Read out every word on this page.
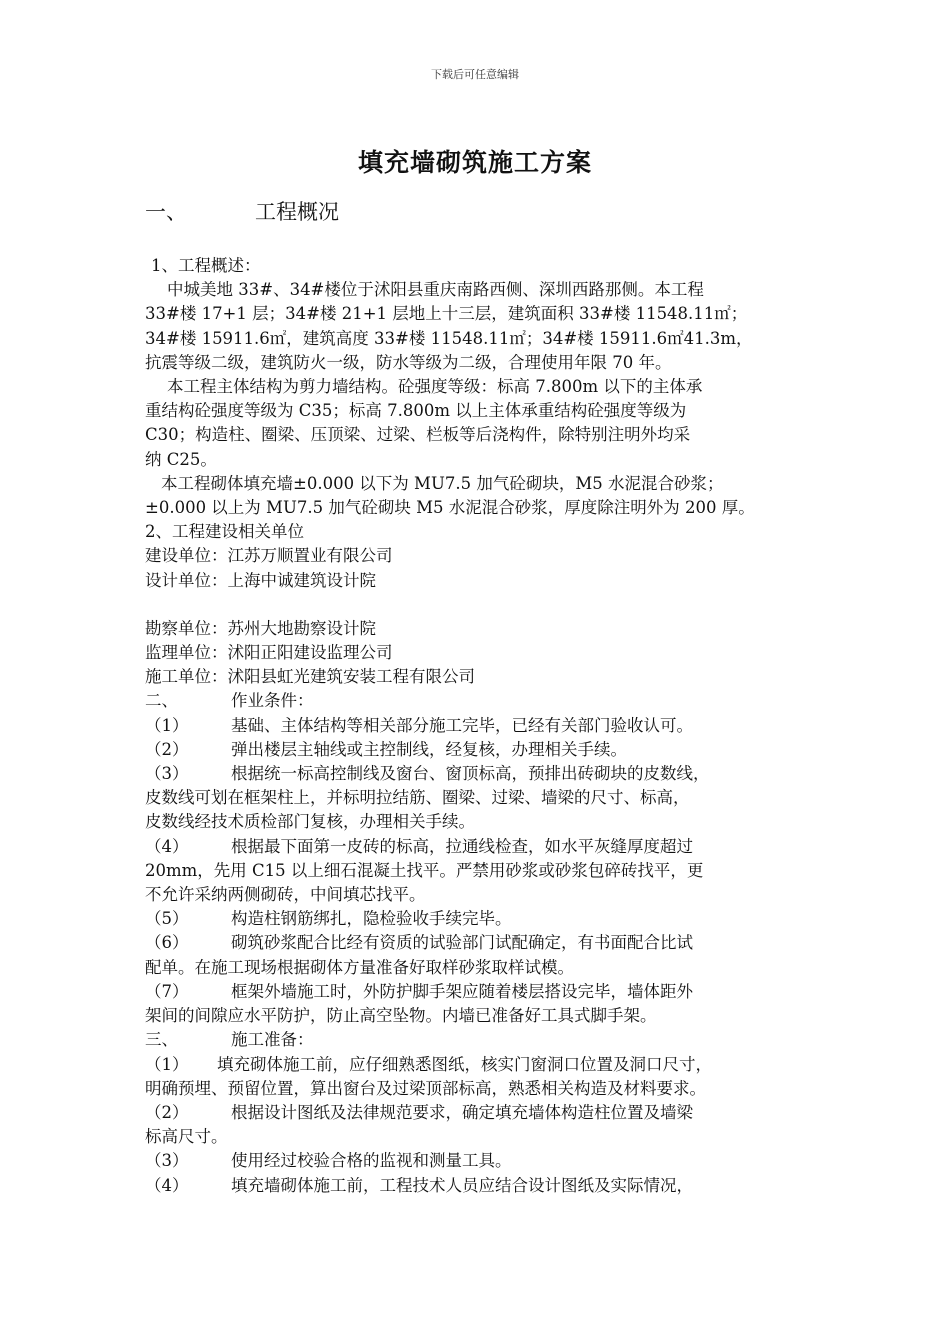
下载后可任意编辑
填充墙砌筑施工方案
一、	工程概况

1、工程概述：

中城美地 33#、34#楼位于沭阳县重庆南路西侧、深圳西路那侧。本工程

33#楼 17+1 层；34#楼 21+1 层地上十三层，建筑面积 33#楼 11548.11㎡；

34#楼 15911.6㎡，建筑高度 33#楼 11548.11㎡；34#楼 15911.6㎡41.3m，

抗震等级二级，建筑防火一级，防水等级为二级，合理使用年限 70 年。

本工程主体结构为剪力墙结构。砼强度等级：标高 7.800m 以下的主体承

重结构砼强度等级为 C35；标高 7.800m 以上主体承重结构砼强度等级为

C30；构造柱、圈梁、压顶梁、过梁、栏板等后浇构件，除特别注明外均采

纳 C25。

本工程砌体填充墙±0.000 以下为 MU7.5 加气砼砌块，M5 水泥混合砂浆；

±0.000 以上为 MU7.5 加气砼砌块 M5 水泥混合砂浆，厚度除注明外为 200 厚。

2、工程建设相关单位

建设单位：江苏万顺置业有限公司

设计单位：上海中诚建筑设计院

勘察单位：苏州大地勘察设计院

监理单位：沭阳正阳建设监理公司

施工单位：沭阳县虹光建筑安装工程有限公司

二、	作业条件：

（1）	基础、主体结构等相关部分施工完毕，已经有关部门验收认可。

（2）	弹出楼层主轴线或主控制线，经复核，办理相关手续。

（3）	根据统一标高控制线及窗台、窗顶标高，预排出砖砌块的皮数线，

皮数线可划在框架柱上，并标明拉结筋、圈梁、过梁、墙梁的尺寸、标高，

皮数线经技术质检部门复核，办理相关手续。

（4）	根据最下面第一皮砖的标高，拉通线检查，如水平灰缝厚度超过

20mm，先用 C15 以上细石混凝土找平。严禁用砂浆或砂浆包碎砖找平，更

不允许采纳两侧砌砖，中间填芯找平。

（5）	构造柱钢筋绑扎，隐检验收手续完毕。

（6）	砌筑砂浆配合比经有资质的试验部门试配确定，有书面配合比试

配单。在施工现场根据砌体方量准备好取样砂浆取样试模。

（7）	框架外墙施工时，外防护脚手架应随着楼层搭设完毕，墙体距外

架间的间隙应水平防护，防止高空坠物。内墙已准备好工具式脚手架。

三、	施工准备：

（1） 填充砌体施工前，应仔细熟悉图纸，核实门窗洞口位置及洞口尺寸，

明确预埋、预留位置，算出窗台及过梁顶部标高，熟悉相关构造及材料要求。

（2）	根据设计图纸及法律规范要求，确定填充墙体构造柱位置及墙梁

标高尺寸。

（3）	使用经过校验合格的监视和测量工具。

（4）	填充墙砌体施工前，工程技术人员应结合设计图纸及实际情况，
